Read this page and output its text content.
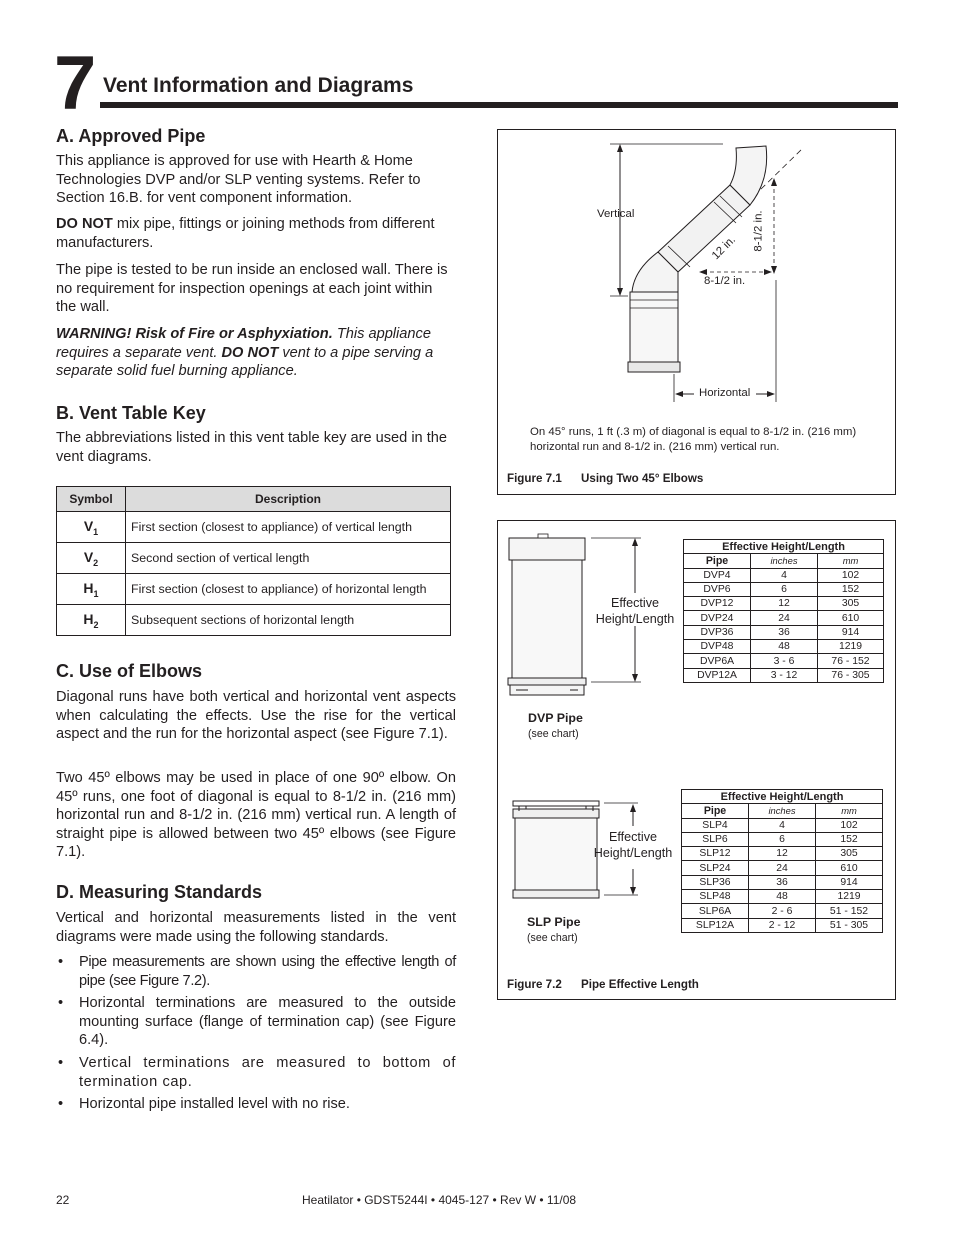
7 Vent Information and Diagrams
A. Approved Pipe
This appliance is approved for use with Hearth & Home Technologies DVP and/or SLP venting systems. Refer to Section 16.B. for vent component information.
DO NOT mix pipe, fittings or joining methods from different manufacturers.
The pipe is tested to be run inside an enclosed wall. There is no requirement for inspection openings at each joint within the wall.
WARNING! Risk of Fire or Asphyxiation. This appliance requires a separate vent. DO NOT vent to a pipe serving a separate solid fuel burning appliance.
B. Vent Table Key
The abbreviations listed in this vent table key are used in the vent diagrams.
Symbol	Description
$V_1$	First section (closest to appliance) of vertical length
$V_2$	Second section of vertical length
$H_1$	First section (closest to appliance) of horizontal length
$H_2$	Subsequent sections of horizontal length
C. Use of Elbows
Diagonal runs have both vertical and horizontal vent aspects when calculating the effects. Use the rise for the vertical aspect and the run for the horizontal aspect (see Figure 7.1).
Two 45º elbows may be used in place of one 90º elbow. On 45º runs, one foot of diagonal is equal to 8-1/2 in. (216 mm) horizontal run and 8-1/2 in. (216 mm) vertical run. A length of straight pipe is allowed between two 45º elbows (see Figure 7.1).
D. Measuring Standards
Vertical and horizontal measurements listed in the vent diagrams were made using the following standards.
• Pipe measurements are shown using the effective length of pipe (see Figure 7.2).
• Horizontal terminations are measured to the outside mounting surface (flange of termination cap) (see Figure 6.4).
• Vertical terminations are measured to bottom of termination cap.
• Horizontal pipe installed level with no rise.
Vertical
12 in. 8-1/2 in.
8-1/2 in.
Horizontal
On 45° runs, 1 ft (.3 m) of diagonal is equal to 8-1/2 in. (216 mm) horizontal run and 8-1/2 in. (216 mm) vertical run.
Figure 7.1 Using Two 45° Elbows
Effective
Height/Length
DVP Pipe
(see chart)
Effective Height/Length		
Pipe	inches	mm
DVP4	4	102
DVP6	6	152
DVP12	12	305
DVP24	24	610
DVP36	36	914
DVP48	48	1219
DVP6A	3 - 6	76 - 152
DVP12A	3 - 12	76 - 305
Effective
Height/Length
SLP Pipe
(see chart)
Effective Height/Length		
Pipe	inches	mm
SLP4	4	102
SLP6	6	152
SLP12	12	305
SLP24	24	610
SLP36	36	914
SLP48	48	1219
SLP6A	2 - 6	51 - 152
SLP12A	2 - 12	51 - 305
Figure 7.2 Pipe Effective Length
22	Heatilator • GDST5244I • 4045-127 • Rev W • 11/08
